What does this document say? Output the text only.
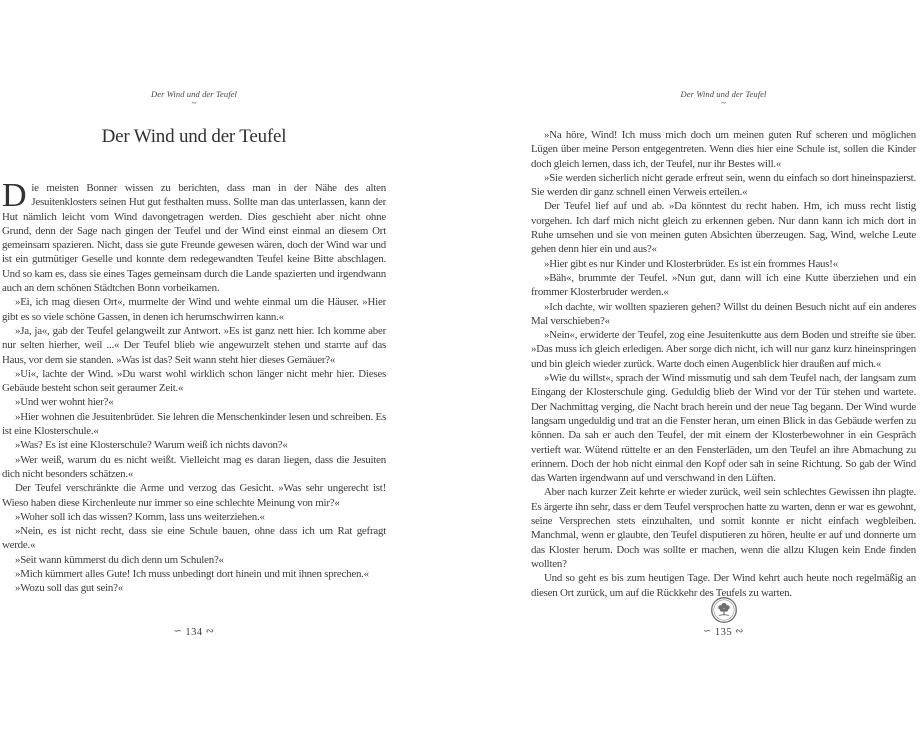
Der Wind und der Teufel
~
Der Wind und der Teufel

Die meisten Bonner wissen zu berichten, dass man in der Nähe des alten Jesuitenklosters seinen Hut gut festhalten muss. Sollte man das unterlassen, kann der Hut nämlich leicht vom Wind davongetragen werden. Dies geschieht aber nicht ohne Grund, denn der Sage nach gingen der Teufel und der Wind einst einmal an diesem Ort gemeinsam spazieren. Nicht, dass sie gute Freunde gewesen wären, doch der Wind war und ist ein gutmütiger Geselle und konnte dem redegewandten Teufel keine Bitte abschlagen. Und so kam es, dass sie eines Tages gemeinsam durch die Lande spazierten und irgendwann auch an dem schönen Städtchen Bonn vorbeikamen.

»Ei, ich mag diesen Ort«, murmelte der Wind und wehte einmal um die Häuser. »Hier gibt es so viele schöne Gassen, in denen ich herumschwirren kann.«

»Ja, ja«, gab der Teufel gelangweilt zur Antwort. »Es ist ganz nett hier. Ich komme aber nur selten hierher, weil ...« Der Teufel blieb wie angewurzelt stehen und starrte auf das Haus, vor dem sie standen. »Was ist das? Seit wann steht hier dieses Gemäuer?«

»Ui«, lachte der Wind. »Du warst wohl wirklich schon länger nicht mehr hier. Dieses Gebäude besteht schon seit geraumer Zeit.«

»Und wer wohnt hier?«

»Hier wohnen die Jesuitenbrüder. Sie lehren die Menschenkinder lesen und schreiben. Es ist eine Klosterschule.«

»Was? Es ist eine Klosterschule? Warum weiß ich nichts davon?«

»Wer weiß, warum du es nicht weißt. Vielleicht mag es daran liegen, dass die Jesuiten dich nicht besonders schätzen.«

Der Teufel verschränkte die Arme und verzog das Gesicht. »Was sehr ungerecht ist! Wieso haben diese Kirchenleute nur immer so eine schlechte Meinung von mir?«

»Woher soll ich das wissen? Komm, lass uns weiterziehen.«

»Nein, es ist nicht recht, dass sie eine Schule bauen, ohne dass ich um Rat gefragt werde.«

»Seit wann kümmerst du dich denn um Schulen?«

»Mich kümmert alles Gute! Ich muss unbedingt dort hinein und mit ihnen sprechen.«

»Wozu soll das gut sein?«

∽ 134 ∾
Der Wind und der Teufel
~

»Na höre, Wind! Ich muss mich doch um meinen guten Ruf scheren und möglichen Lügen über meine Person entgegentreten. Wenn dies hier eine Schule ist, sollen die Kinder doch gleich lernen, dass ich, der Teufel, nur ihr Bestes will.«

»Sie werden sicherlich nicht gerade erfreut sein, wenn du einfach so dort hineinspazierst. Sie werden dir ganz schnell einen Verweis erteilen.«

Der Teufel lief auf und ab. »Da könntest du recht haben. Hm, ich muss recht listig vorgehen. Ich darf mich nicht gleich zu erkennen geben. Nur dann kann ich mich dort in Ruhe umsehen und sie von meinen guten Absichten überzeugen. Sag, Wind, welche Leute gehen denn hier ein und aus?«

»Hier gibt es nur Kinder und Klosterbrüder. Es ist ein frommes Haus!«

»Bäh«, brummte der Teufel. »Nun gut, dann will ich eine Kutte überziehen und ein frommer Klosterbruder werden.«

»Ich dachte, wir wollten spazieren gehen? Willst du deinen Besuch nicht auf ein anderes Mal verschieben?«

»Nein«, erwiderte der Teufel, zog eine Jesuitenkutte aus dem Boden und streifte sie über. »Das muss ich gleich erledigen. Aber sorge dich nicht, ich will nur ganz kurz hineinspringen und bin gleich wieder zurück. Warte doch einen Augenblick hier draußen auf mich.«

»Wie du willst«, sprach der Wind missmutig und sah dem Teufel nach, der langsam zum Eingang der Klosterschule ging. Geduldig blieb der Wind vor der Tür stehen und wartete. Der Nachmittag verging, die Nacht brach herein und der neue Tag begann. Der Wind wurde langsam ungeduldig und trat an die Fenster heran, um einen Blick in das Gebäude werfen zu können. Da sah er auch den Teufel, der mit einem der Klosterbewohner in ein Gespräch vertieft war. Wütend rüttelte er an den Fensterläden, um den Teufel an ihre Abmachung zu erinnern. Doch der hob nicht einmal den Kopf oder sah in seine Richtung. So gab der Wind das Warten irgendwann auf und verschwand in den Lüften.

Aber nach kurzer Zeit kehrte er wieder zurück, weil sein schlechtes Gewissen ihn plagte. Es ärgerte ihn sehr, dass er dem Teufel versprochen hatte zu warten, denn er war es gewohnt, seine Versprechen stets einzuhalten, und somit konnte er nicht einfach wegbleiben. Manchmal, wenn er glaubte, den Teufel disputieren zu hören, heulte er auf und donnerte um das Kloster herum. Doch was sollte er machen, wenn die allzu Klugen kein Ende finden wollten?

Und so geht es bis zum heutigen Tage. Der Wind kehrt auch heute noch regelmäßig an diesen Ort zurück, um auf die Rückkehr des Teufels zu warten.

∽ 135 ∾
